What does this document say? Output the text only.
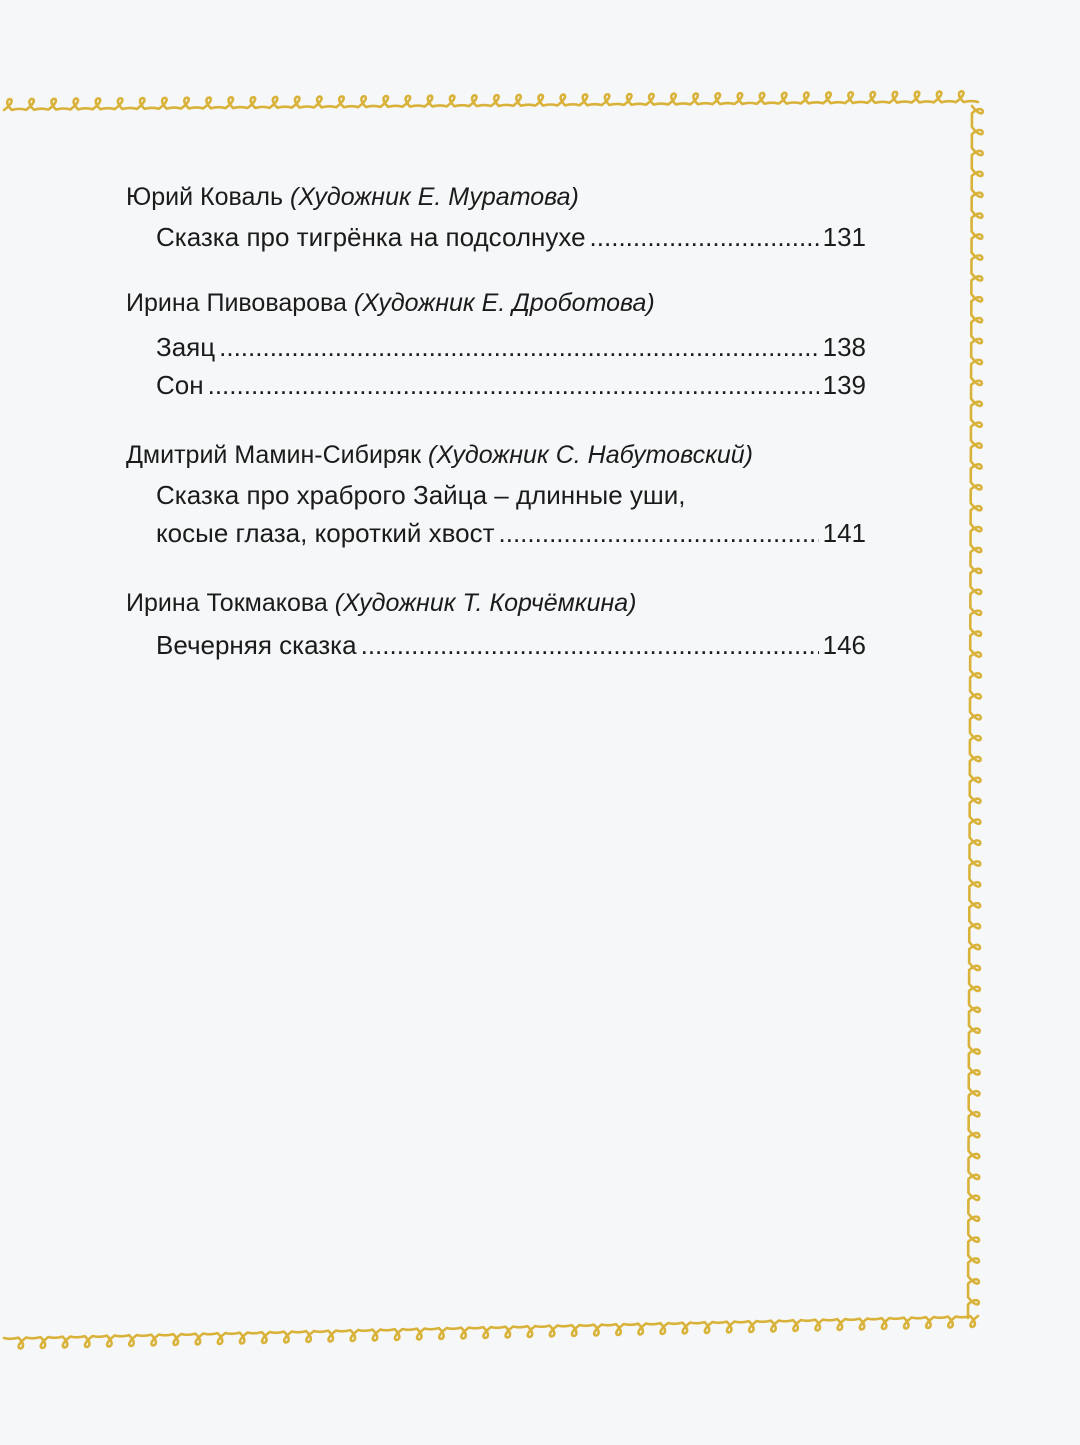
Юрий Коваль (Художник Е. Муратова)
Сказка про тигрёнка на подсолнухе .....	131
Ирина Пивоварова (Художник Е. Дроботова)
Заяц .....	138
Сон .....	139
Дмитрий Мамин-Сибиряк (Художник С. Набутовский)
Сказка про храброго Зайца – длинные уши,
косые глаза, короткий хвост .....	141
Ирина Токмакова (Художник Т. Корчёмкина)
Вечерняя сказка .....	146
